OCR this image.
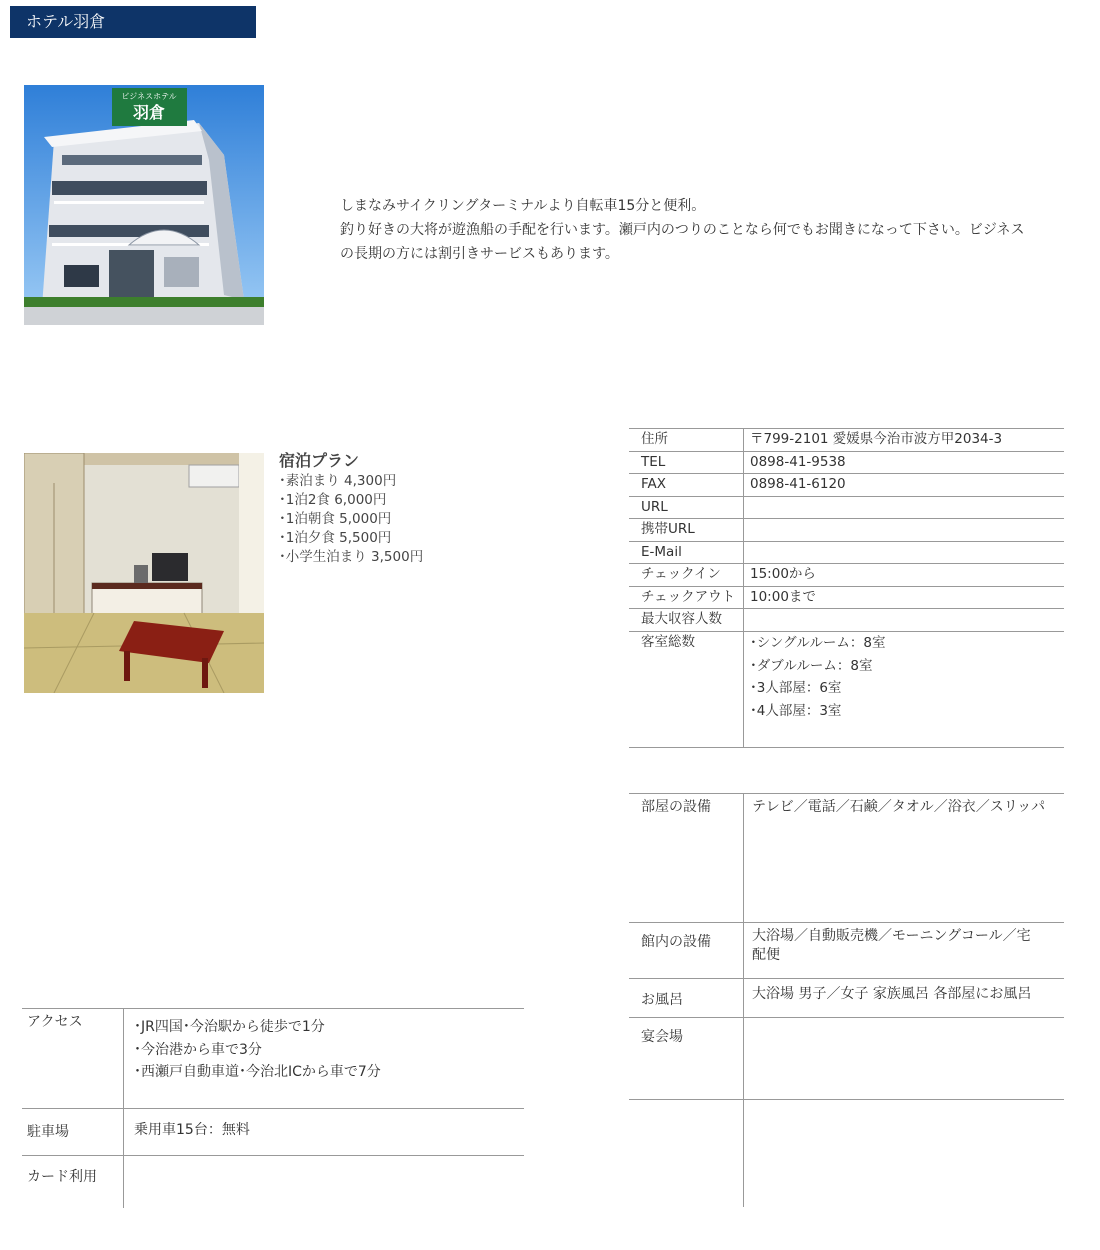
ホテル羽倉
ビジネスホテル
羽倉

しまなみサイクリングターミナルより自転車15分と便利。

釣り好きの大将が遊漁船の手配を行います。瀬戸内のつりのことなら何でもお聞きになって下さい。ビジネスの長期の方には割引きサービスもあります。

宿泊プラン
･素泊まり 4,300円
･1泊2食 6,000円
･1泊朝食 5,000円
･1泊夕食 5,500円
･小学生泊まり 3,500円
住所	〒799-2101 愛媛県今治市波方甲2034-3
TEL	0898-41-9538
FAX	0898-41-6120
URL	
携帯URL	
E-Mail	
チェックイン	15:00から
チェックアウト	10:00まで
最大収容人数	
客室総数	･シングルルーム：8室
･ダブルルーム：8室
･3人部屋：6室
･4人部屋：3室
部屋の設備	テレビ／電話／石鹸／タオル／浴衣／スリッパ
館内の設備	大浴場／自動販売機／モーニングコール／宅配便
お風呂	大浴場 男子／女子 家族風呂 各部屋にお風呂
宴会場	
アクセス	･JR四国･今治駅から徒歩で1分
･今治港から車で3分
･西瀬戸自動車道･今治北ICから車で7分

駐車場	乗用車15台：無料
カード利用	
